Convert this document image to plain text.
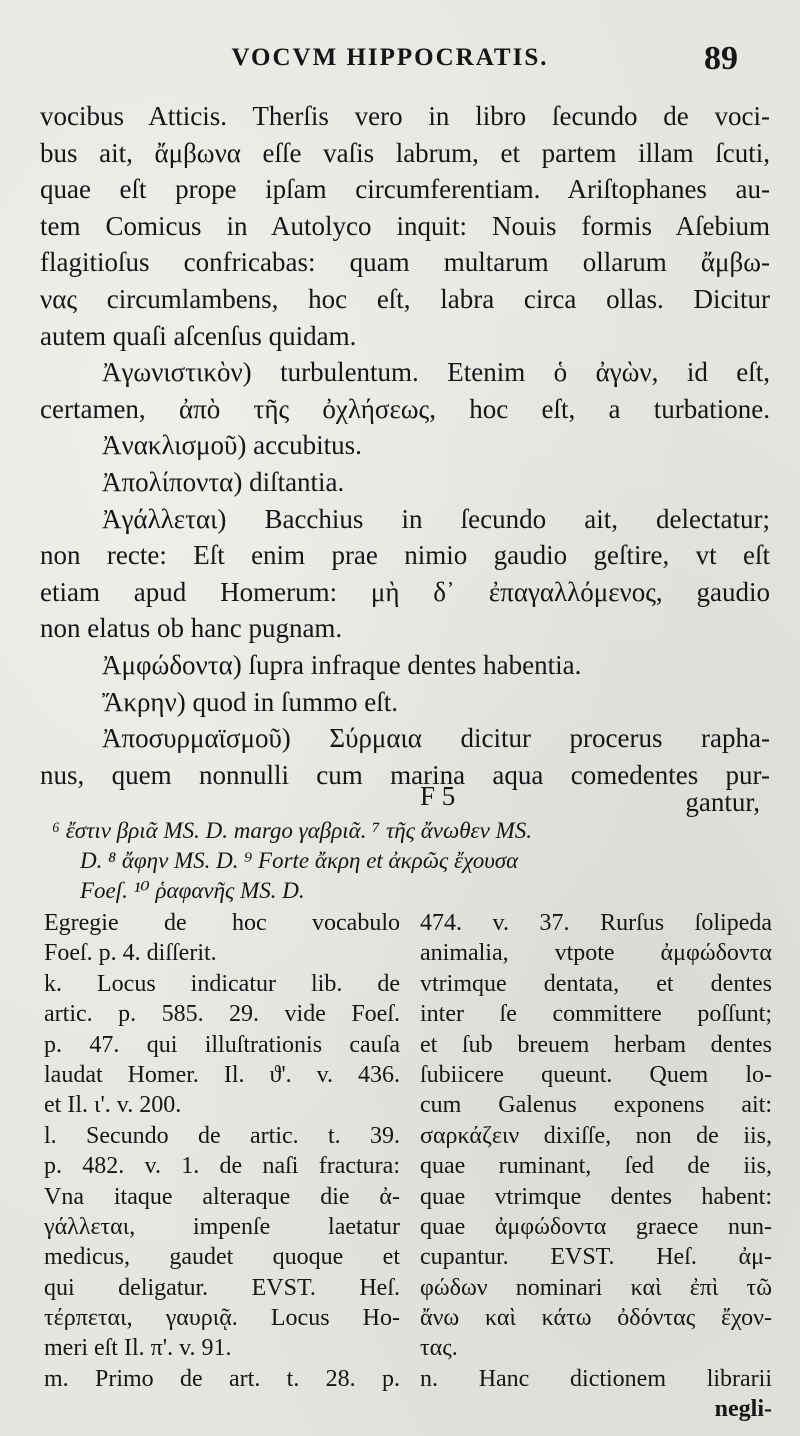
VOCVM HIPPOCRATIS.	89
vocibus Atticis. Therſis vero in libro ſecundo de voci-
bus ait, ἄμβωνα eſſe vaſis labrum, et partem illam ſcuti,
quae eſt prope ipſam circumferentiam. Ariſtophanes au-
tem Comicus in Autolyco inquit: Nouis formis Aſebium
flagitioſus confricabas: quam multarum ollarum ἄμβω-
νας circumlambens, hoc eſt, labra circa ollas. Dicitur
autem quaſi aſcenſus quidam.
Ἀγωνιστικὸν) turbulentum. Etenim ὁ ἀγὼν, id eſt,
certamen, ἀπὸ τῆς ὀχλήσεως, hoc eſt, a turbatione.
Ἀνακλισμοῦ) accubitus.
Ἀπολίποντα) diſtantia.
Ἀγάλλεται) Bacchius in ſecundo ait, delectatur;
non recte: Eſt enim prae nimio gaudio geſtire, vt eſt
etiam apud Homerum: μὴ δ᾽ ἐπαγαλλόμενος, gaudio
non elatus ob hanc pugnam.
Ἀμφώδοντα) ſupra infraque dentes habentia.
Ἄκρην) quod in ſummo eſt.
Ἀποσυρμαϊσμοῦ) Σύρμαια dicitur procerus rapha-
nus, quem nonnulli cum marina aqua comedentes pur-
F 5	gantur,
⁶ ἔστιν βριᾶ MS. D. margo γαβριᾶ. ⁷ τῆς ἄνωθεν MS.
D. ⁸ ἄφην MS. D. ⁹ Forte ἄκρη et ἀκρῶς ἔχουσα
Foeſ. ¹⁰ ῥαφανῆς MS. D.
Egregie de hoc vocabulo
Foeſ. p. 4. diſſerit.
k. Locus indicatur lib. de
artic. p. 585. 29. vide Foeſ.
p. 47. qui illuſtrationis cauſa
laudat Homer. Il. ϑ'. v. 436.
et Il. ι'. v. 200.
l. Secundo de artic. t. 39.
p. 482. v. 1. de naſi fractura:
Vna itaque alteraque die ἀ-
γάλλεται, impenſe laetatur
medicus, gaudet quoque et
qui deligatur. EVST. Heſ.
τέρπεται, γαυριᾷ. Locus Ho-
meri eſt Il. π'. v. 91.
m. Primo de art. t. 28. p.
474. v. 37. Rurſus ſolipeda
animalia, vtpote ἀμφώδοντα
vtrimque dentata, et dentes
inter ſe committere poſſunt;
et ſub breuem herbam dentes
ſubiicere queunt. Quem lo-
cum Galenus exponens ait:
σαρκάζειν dixiſſe, non de iis,
quae ruminant, ſed de iis,
quae vtrimque dentes habent:
quae ἀμφώδοντα graece nun-
cupantur. EVST. Heſ. ἀμ-
φώδων nominari καὶ ἐπὶ τῶ
ἄνω καὶ κάτω ὀδόντας ἔχον-
τας.
n. Hanc dictionem librarii
negli-
